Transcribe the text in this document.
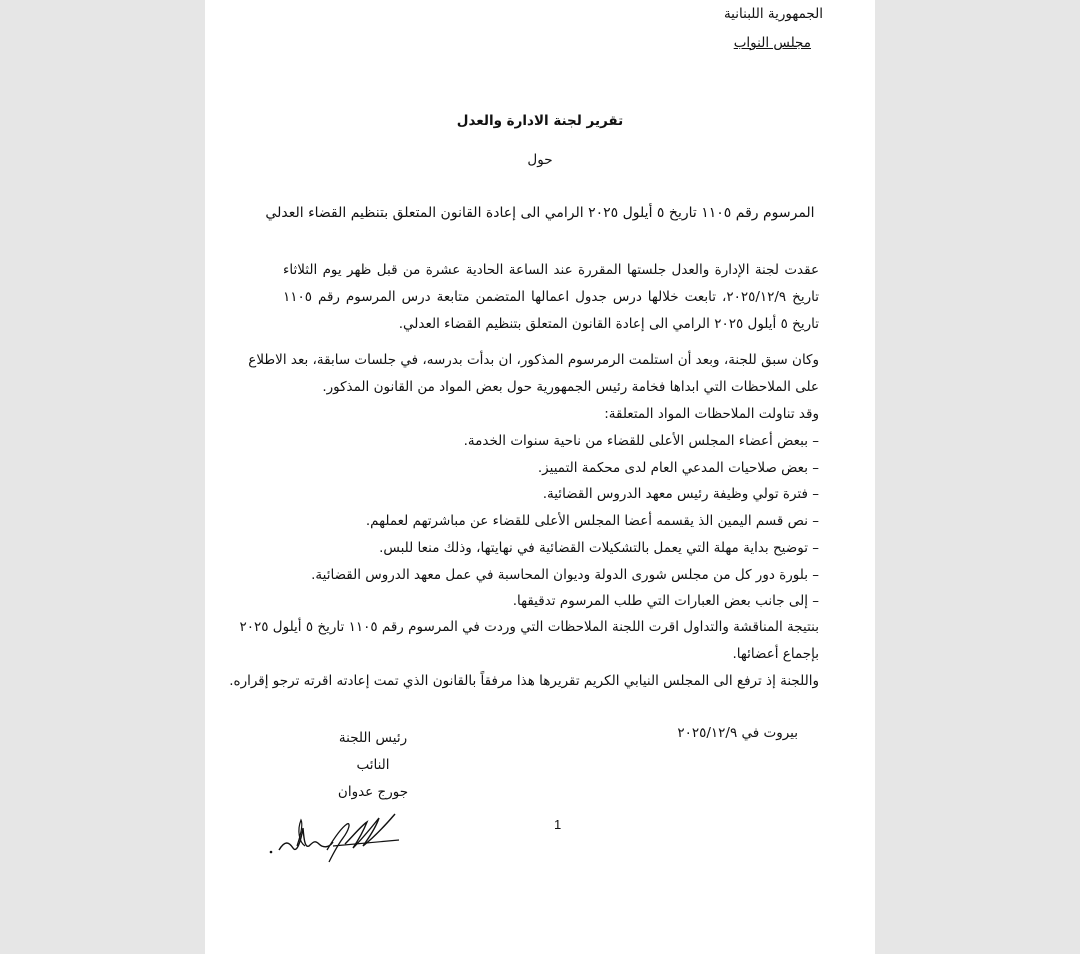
الجمهورية اللبنانية
مجلس النواب
تقرير لجنة الادارة والعدل
حول
المرسوم رقم ١١٠٥ تاريخ ٥ أيلول ٢٠٢٥ الرامي الى إعادة القانون المتعلق بتنظيم القضاء العدلي
عقدت لجنة الإدارة والعدل جلستها المقررة عند الساعة الحادية عشرة من قبل ظهر يوم الثلاثاء تاريخ ٢٠٢٥/١٢/٩، تابعت خلالها درس جدول اعمالها المتضمن متابعة درس المرسوم رقم ١١٠٥ تاريخ ٥ أيلول ٢٠٢٥ الرامي الى إعادة القانون المتعلق بتنظيم القضاء العدلي.
وكان سبق للجنة، وبعد أن استلمت الرمرسوم المذكور، ان بدأت بدرسه، في جلسات سابقة، بعد الاطلاع
على الملاحظات التي ابداها فخامة رئيس الجمهورية حول بعض المواد من القانون المذكور.
وقد تناولت الملاحظات المواد المتعلقة:
– ببعض أعضاء المجلس الأعلى للقضاء من ناحية سنوات الخدمة.
– بعض صلاحيات المدعي العام لدى محكمة التمييز.
– فترة تولي وظيفة رئيس معهد الدروس القضائية.
– نص قسم اليمين الذ يقسمه أعضا المجلس الأعلى للقضاء عن مباشرتهم لعملهم.
– توضيح بداية مهلة التي يعمل بالتشكيلات القضائية في نهايتها، وذلك منعا للبس.
– بلورة دور كل من مجلس شورى الدولة وديوان المحاسبة في عمل معهد الدروس القضائية.
– إلى جانب بعض العبارات التي طلب المرسوم تدقيقها.
بنتيجة المناقشة والتداول اقرت اللجنة الملاحظات التي وردت في المرسوم رقم ١١٠٥ تاريخ ٥ أيلول ٢٠٢٥
بإجماع أعضائها.
واللجنة إذ ترفع الى المجلس النيابي الكريم تقريرها هذا مرفقاً بالقانون الذي تمت إعادته اقرته ترجو إقراره.
بيروت في ٢٠٢٥/١٢/٩
رئيس اللجنة
النائب
جورج عدوان
1
